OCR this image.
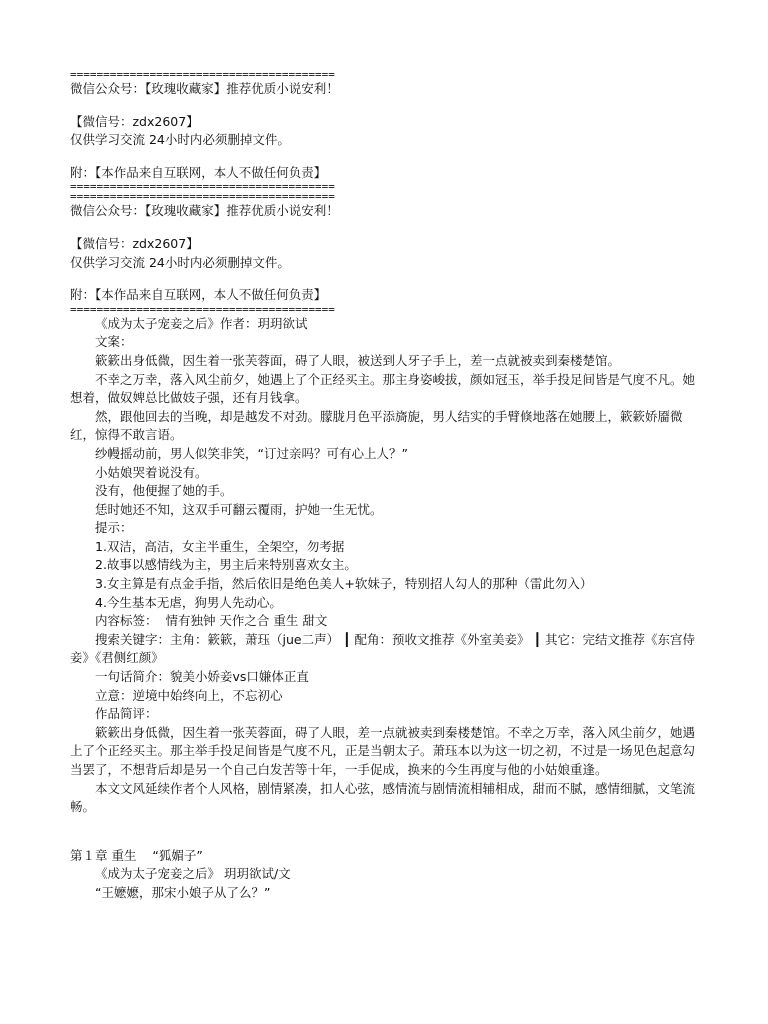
========================================
微信公众号：【玫瑰收藏家】推荐优质小说安利！
【微信号：zdx2607】
仅供学习交流 24小时内必须删掉文件。
附：【本作品来自互联网，本人不做任何负责】
========================================
========================================
微信公众号：【玫瑰收藏家】推荐优质小说安利！
【微信号：zdx2607】
仅供学习交流 24小时内必须删掉文件。
附：【本作品来自互联网，本人不做任何负责】
========================================
《成为太子宠妾之后》作者：玥玥欲试
文案：
簌簌出身低微，因生着一张芙蓉面，碍了人眼，被送到人牙子手上，差一点就被卖到秦楼楚馆。
不幸之万幸，落入风尘前夕，她遇上了个正经买主。那主身姿峻拔，颜如冠玉，举手投足间皆是气度不凡。她想着，做奴婢总比做妓子强，还有月钱拿。
然，跟他回去的当晚，却是越发不对劲。朦胧月色平添旖旎，男人结实的手臂倏地落在她腰上，簌簌娇靥微红，惊得不敢言语。
纱幔摇动前，男人似笑非笑，“订过亲吗？可有心上人？”
小姑娘哭着说没有。
没有，他便握了她的手。
恁时她还不知，这双手可翻云覆雨，护她一生无忧。
提示：
1.双洁，高洁，女主半重生，全架空，勿考据
2.故事以感情线为主，男主后来特别喜欢女主。
3.女主算是有点金手指，然后依旧是绝色美人+软妹子，特别招人勾人的那种（雷此勿入）
4.今生基本无虐，狗男人先动心。
内容标签：  情有独钟 天作之合 重生 甜文
搜索关键字：主角：簌簌，萧珏（jue二声） ┃ 配角：预收文推荐《外室美妾》 ┃ 其它：完结文推荐《东宫侍妾》《君侧红颜》
一句话简介：貌美小娇妾vs口嫌体正直
立意：逆境中始终向上，不忘初心
作品简评：
簌簌出身低微，因生着一张芙蓉面，碍了人眼，差一点就被卖到秦楼楚馆。不幸之万幸，落入风尘前夕，她遇上了个正经买主。那主举手投足间皆是气度不凡，正是当朝太子。萧珏本以为这一切之初，不过是一场见色起意勾当罢了，不想背后却是另一个自己白发苦等十年，一手促成，换来的今生再度与他的小姑娘重逢。
本文文风延续作者个人风格，剧情紧凑，扣人心弦，感情流与剧情流相辅相成，甜而不腻，感情细腻，文笔流畅。
第１章 重生    “狐媚子”
《成为太子宠妾之后》 玥玥欲试/文
“王嬷嬷，那宋小娘子从了么？”
